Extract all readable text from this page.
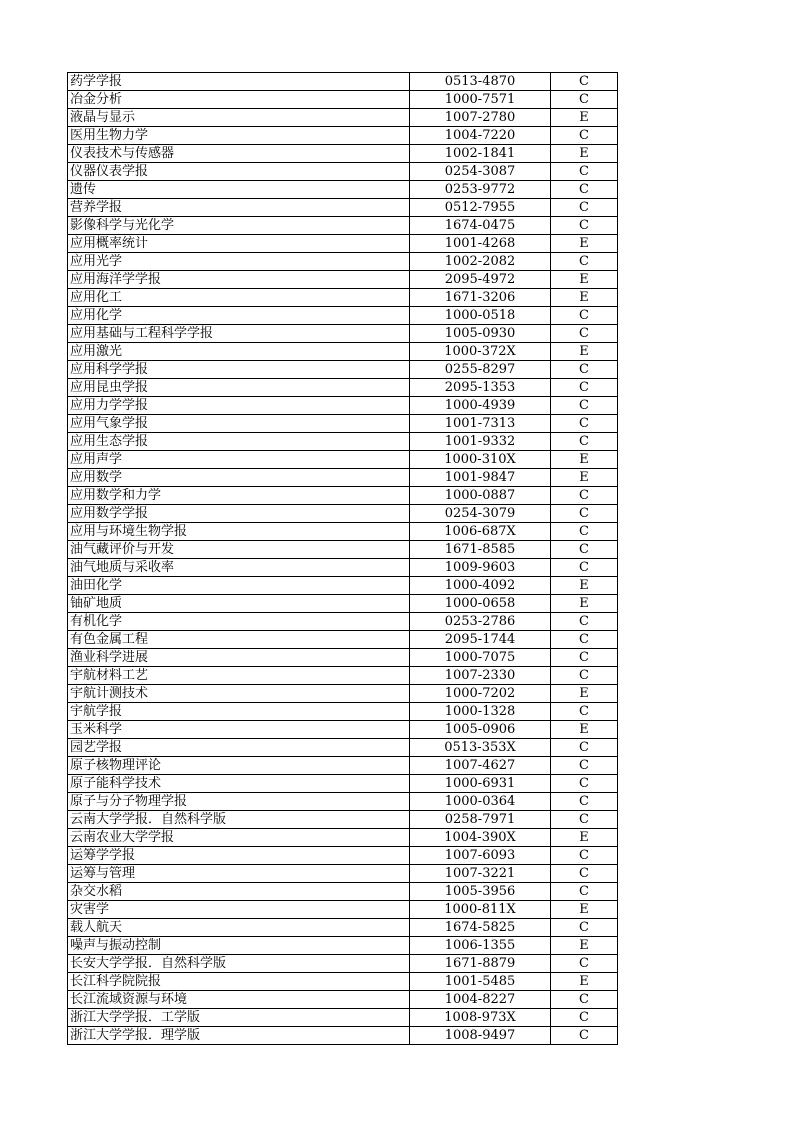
药学学报	0513-4870	C
冶金分析	1000-7571	C
液晶与显示	1007-2780	E
医用生物力学	1004-7220	C
仪表技术与传感器	1002-1841	E
仪器仪表学报	0254-3087	C
遗传	0253-9772	C
营养学报	0512-7955	C
影像科学与光化学	1674-0475	C
应用概率统计	1001-4268	E
应用光学	1002-2082	C
应用海洋学学报	2095-4972	E
应用化工	1671-3206	E
应用化学	1000-0518	C
应用基础与工程科学学报	1005-0930	C
应用激光	1000-372X	E
应用科学学报	0255-8297	C
应用昆虫学报	2095-1353	C
应用力学学报	1000-4939	C
应用气象学报	1001-7313	C
应用生态学报	1001-9332	C
应用声学	1000-310X	E
应用数学	1001-9847	E
应用数学和力学	1000-0887	C
应用数学学报	0254-3079	C
应用与环境生物学报	1006-687X	C
油气藏评价与开发	1671-8585	C
油气地质与采收率	1009-9603	C
油田化学	1000-4092	E
铀矿地质	1000-0658	E
有机化学	0253-2786	C
有色金属工程	2095-1744	C
渔业科学进展	1000-7075	C
宇航材料工艺	1007-2330	C
宇航计测技术	1000-7202	E
宇航学报	1000-1328	C
玉米科学	1005-0906	E
园艺学报	0513-353X	C
原子核物理评论	1007-4627	C
原子能科学技术	1000-6931	C
原子与分子物理学报	1000-0364	C
云南大学学报．自然科学版	0258-7971	C
云南农业大学学报	1004-390X	E
运筹学学报	1007-6093	C
运筹与管理	1007-3221	C
杂交水稻	1005-3956	C
灾害学	1000-811X	E
载人航天	1674-5825	C
噪声与振动控制	1006-1355	E
长安大学学报．自然科学版	1671-8879	C
长江科学院院报	1001-5485	E
长江流域资源与环境	1004-8227	C
浙江大学学报．工学版	1008-973X	C
浙江大学学报．理学版	1008-9497	C
